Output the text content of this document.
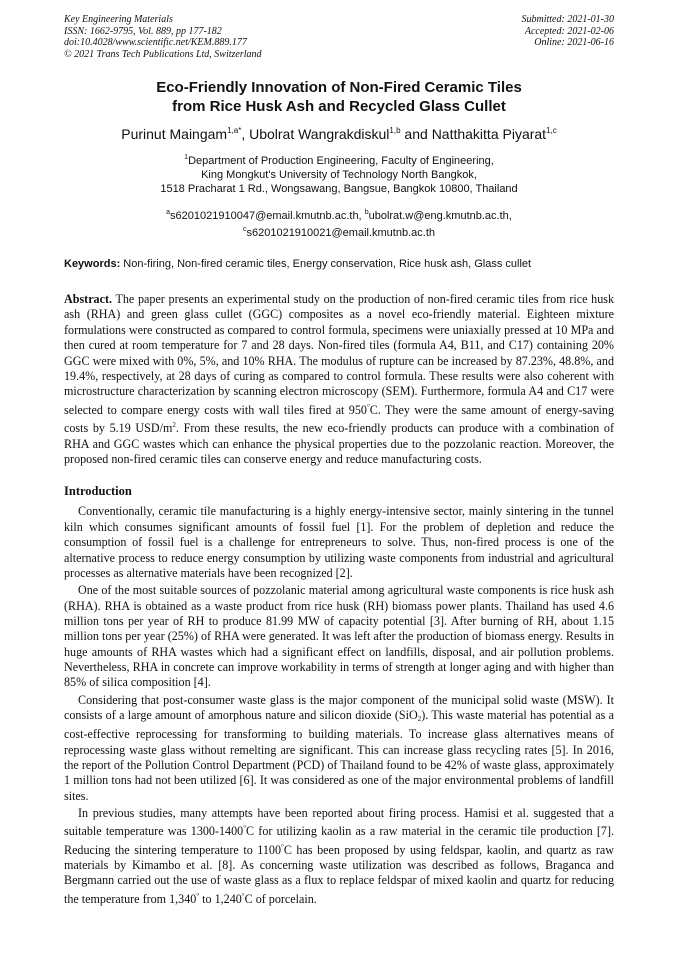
Key Engineering Materials
ISSN: 1662-9795, Vol. 889, pp 177-182
doi:10.4028/www.scientific.net/KEM.889.177
© 2021 Trans Tech Publications Ltd, Switzerland
Submitted: 2021-01-30
Accepted: 2021-02-06
Online: 2021-06-16
Eco-Friendly Innovation of Non-Fired Ceramic Tiles
from Rice Husk Ash and Recycled Glass Cullet
Purinut Maingam$^{1,a*}$, Ubolrat Wangrakdiskul$^{1,b}$ and Natthakitta Piyarat$^{1,c}$
$^1$Department of Production Engineering, Faculty of Engineering,
King Mongkut's University of Technology North Bangkok,
1518 Pracharat 1 Rd., Wongsawang, Bangsue, Bangkok 10800, Thailand
$^a$s6201021910047@email.kmutnb.ac.th, $^b$ubolrat.w@eng.kmutnb.ac.th,
$^c$s6201021910021@email.kmutnb.ac.th
Keywords: Non-firing, Non-fired ceramic tiles, Energy conservation, Rice husk ash, Glass cullet
Abstract. The paper presents an experimental study on the production of non-fired ceramic tiles from rice husk ash (RHA) and green glass cullet (GGC) composites as a novel eco-friendly material. Eighteen mixture formulations were constructed as compared to control formula, specimens were uniaxially pressed at 10 MPa and then cured at room temperature for 7 and 28 days. Non-fired tiles (formula A4, B11, and C17) containing 20% GGC were mixed with 0%, 5%, and 10% RHA. The modulus of rupture can be increased by 87.23%, 48.8%, and 19.4%, respectively, at 28 days of curing as compared to control formula. These results were also coherent with microstructure characterization by scanning electron microscopy (SEM). Furthermore, formula A4 and C17 were selected to compare energy costs with wall tiles fired at 950°C. They were the same amount of energy-saving costs by 5.19 USD/$m^2$. From these results, the new eco-friendly products can produce with a combination of RHA and GGC wastes which can enhance the physical properties due to the pozzolanic reaction. Moreover, the proposed non-fired ceramic tiles can conserve energy and reduce manufacturing costs.
Introduction
Conventionally, ceramic tile manufacturing is a highly energy-intensive sector, mainly sintering in the tunnel kiln which consumes significant amounts of fossil fuel [1]. For the problem of depletion and reduce the consumption of fossil fuel is a challenge for entrepreneurs to solve. Thus, non-fired process is one of the alternative process to reduce energy consumption by utilizing waste components from industrial and agricultural processes as alternative materials have been recognized [2].
One of the most suitable sources of pozzolanic material among agricultural waste components is rice husk ash (RHA). RHA is obtained as a waste product from rice husk (RH) biomass power plants. Thailand has used 4.6 million tons per year of RH to produce 81.99 MW of capacity potential [3]. After burning of RH, about 1.15 million tons per year (25%) of RHA were generated. It was left after the production of biomass energy. Results in huge amounts of RHA wastes which had a significant effect on landfills, disposal, and air pollution problems. Nevertheless, RHA in concrete can improve workability in terms of strength at longer aging and with higher than 85% of silica composition [4].
Considering that post-consumer waste glass is the major component of the municipal solid waste (MSW). It consists of a large amount of amorphous nature and silicon dioxide (SiO$_2$). This waste material has potential as a cost-effective reprocessing for transforming to building materials. To increase glass alternatives means of reprocessing waste glass without remelting are significant. This can increase glass recycling rates [5]. In 2016, the report of the Pollution Control Department (PCD) of Thailand found to be 42% of waste glass, approximately 1 million tons had not been utilized [6]. It was considered as one of the major environmental problems of landfill sites.
In previous studies, many attempts have been reported about firing process. Hamisi et al. suggested that a suitable temperature was 1300-1400°C for utilizing kaolin as a raw material in the ceramic tile production [7]. Reducing the sintering temperature to 1100°C has been proposed by using feldspar, kaolin, and quartz as raw materials by Kimambo et al. [8]. As concerning waste utilization was described as follows, Braganca and Bergmann carried out the use of waste glass as a flux to replace feldspar of mixed kaolin and quartz for reducing the temperature from 1,340° to 1,240°C of porcelain.
